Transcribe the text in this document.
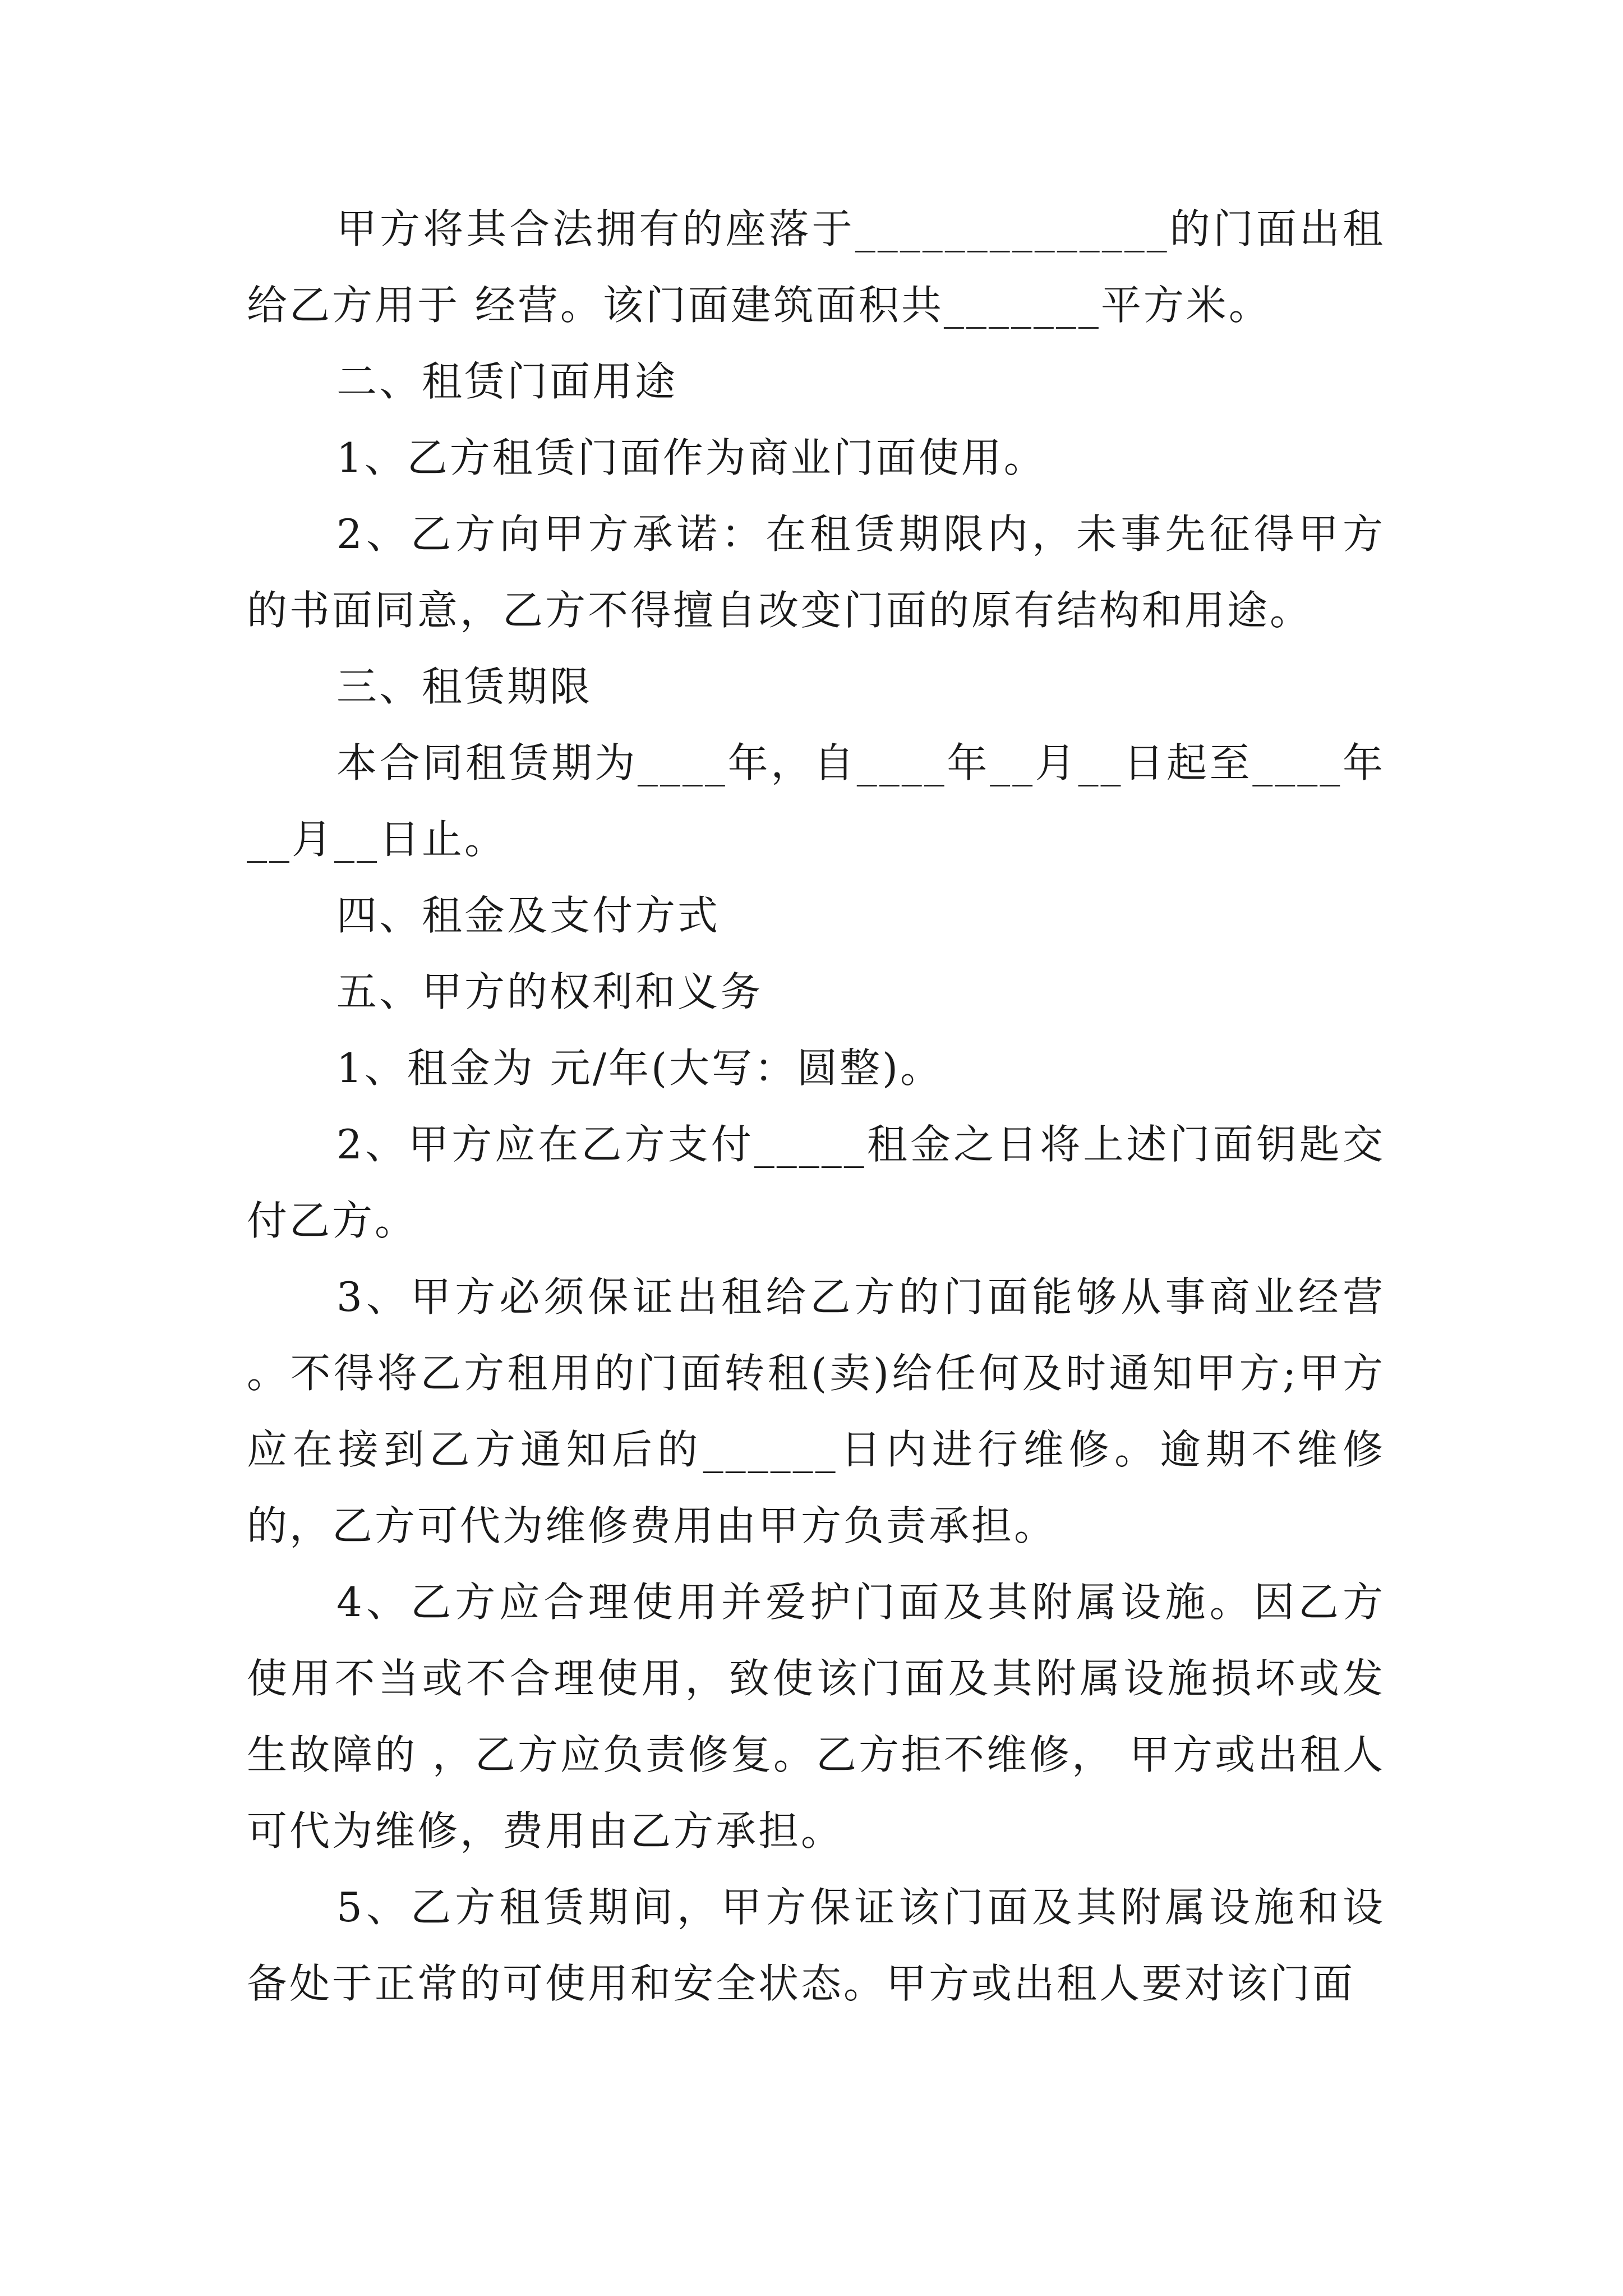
甲方将其合法拥有的座落于______________的门面出租给乙方用于 经营。该门面建筑面积共_______平方米。

二、租赁门面用途

1、乙方租赁门面作为商业门面使用。

2、乙方向甲方承诺：在租赁期限内，未事先征得甲方的书面同意，乙方不得擅自改变门面的原有结构和用途。

三、租赁期限

本合同租赁期为____年，自____年__月__日起至____年__月__日止。

四、租金及支付方式

五、甲方的权利和义务

1、租金为 元/年(大写：圆整)。

2、甲方应在乙方支付_____租金之日将上述门面钥匙交付乙方。

3、甲方必须保证出租给乙方的门面能够从事商业经营 。不得将乙方租用的门面转租(卖)给任何及时通知甲方;甲方应在接到乙方通知后的______日内进行维修。逾期不维修的，乙方可代为维修费用由甲方负责承担。

4、乙方应合理使用并爱护门面及其附属设施。因乙方使用不当或不合理使用，致使该门面及其附属设施损坏或发生故障的 ，乙方应负责修复。乙方拒不维修， 甲方或出租人可代为维修，费用由乙方承担。

5、乙方租赁期间，甲方保证该门面及其附属设施和设备处于正常的可使用和安全状态。甲方或出租人要对该门面
